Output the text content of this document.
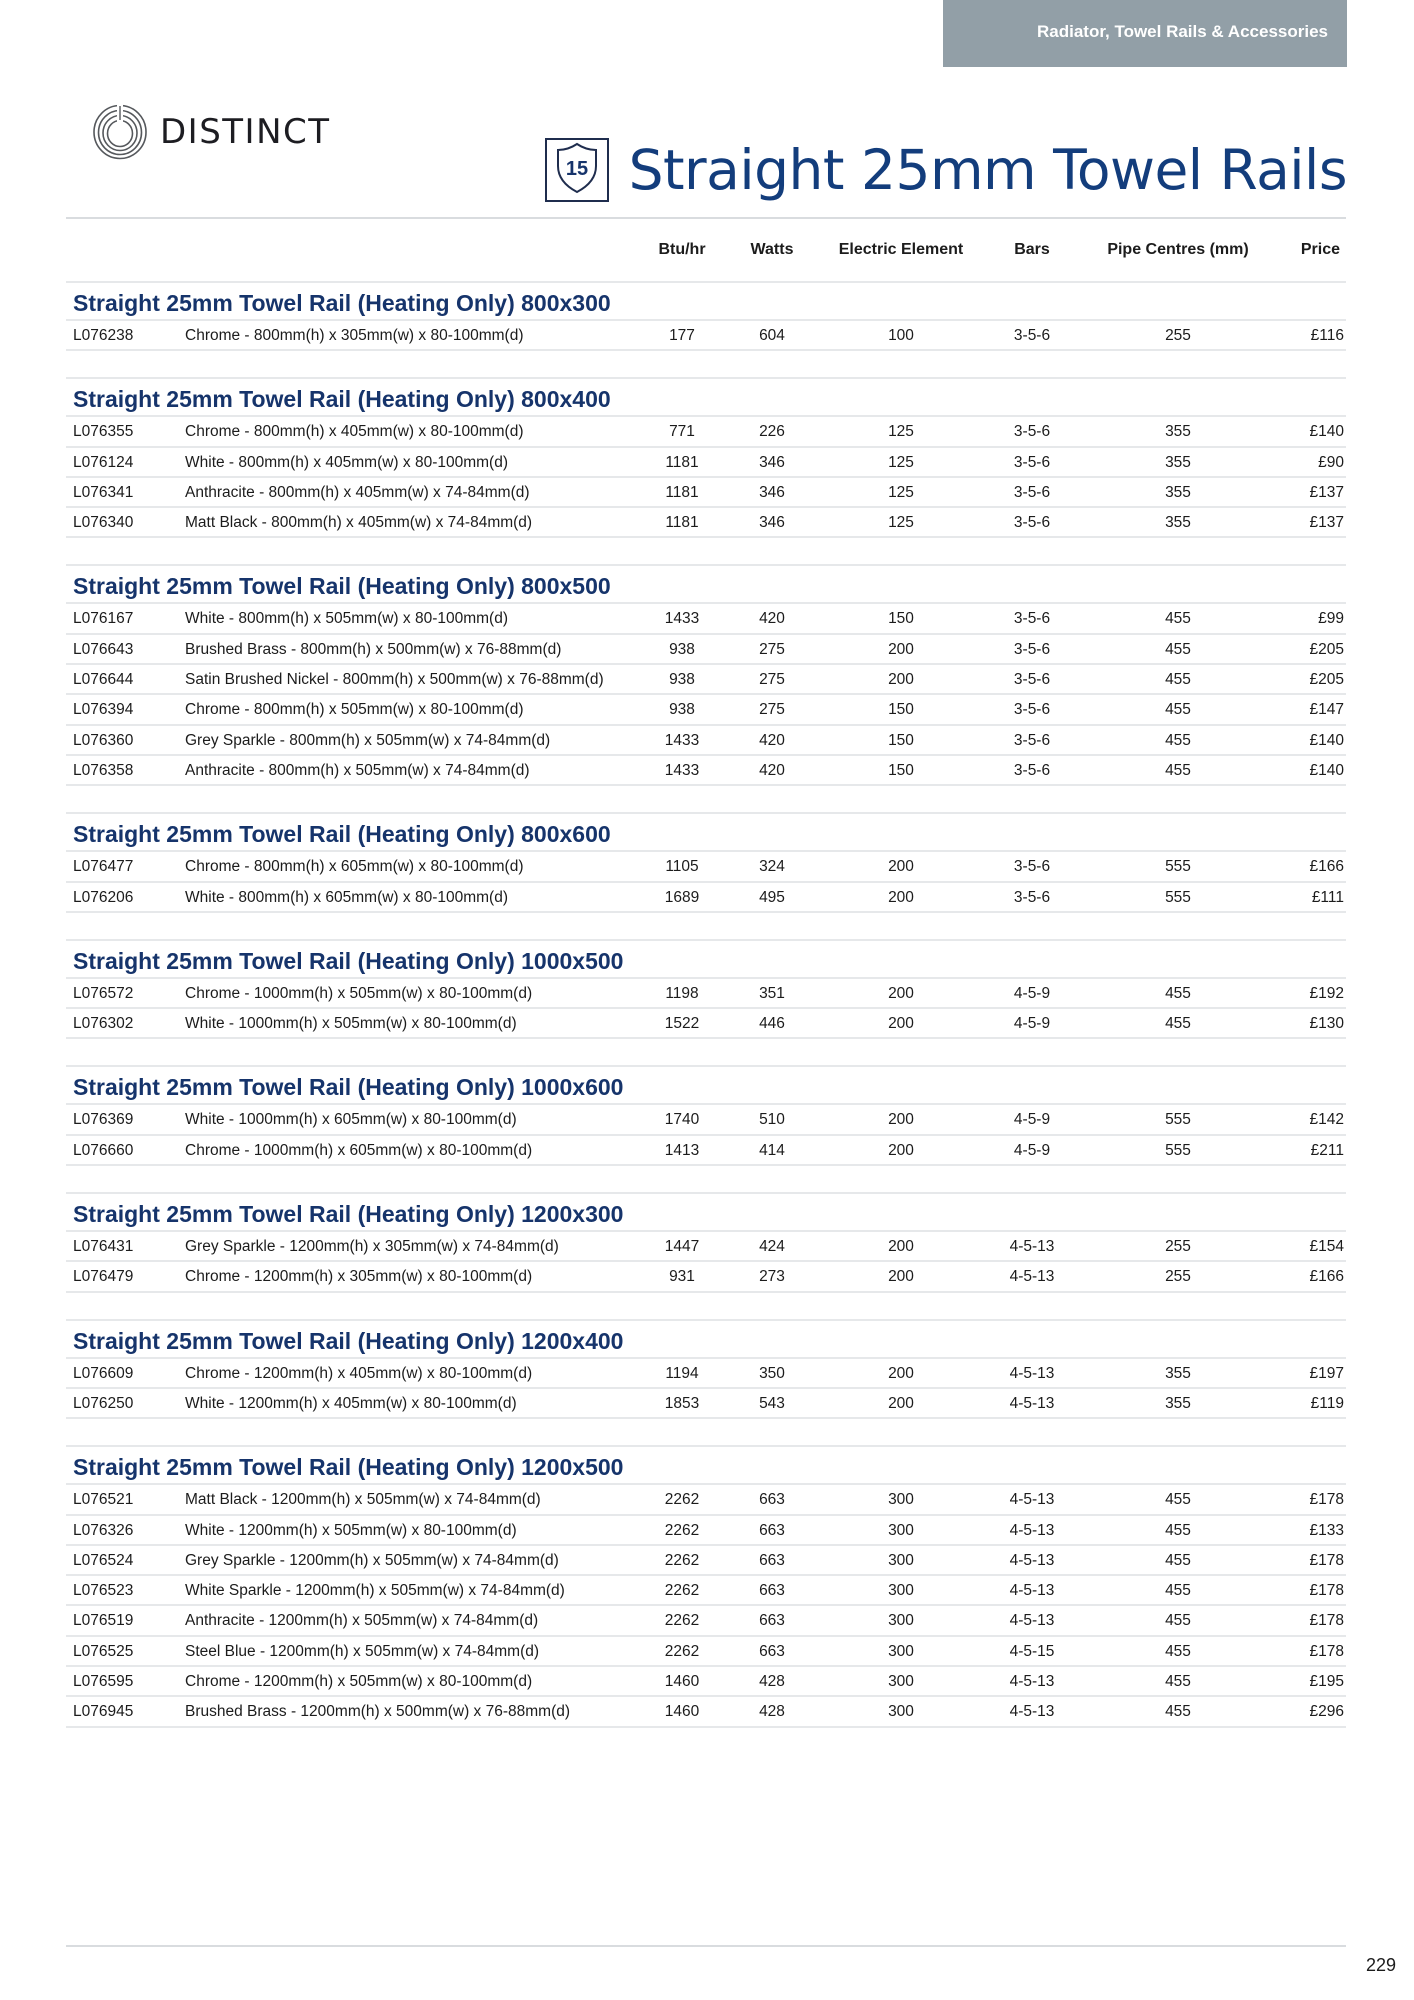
Radiator, Towel Rails & Accessories
DISTINCT
15 Straight 25mm Towel Rails
Btu/hr	Watts	Electric Element	Bars	Pipe Centres (mm)	Price
Straight 25mm Towel Rail (Heating Only) 800x300
L076238	Chrome - 800mm(h) x 305mm(w) x 80-100mm(d)	177	604	100	3-5-6	255	£116
Straight 25mm Towel Rail (Heating Only) 800x400
L076355	Chrome - 800mm(h) x 405mm(w) x 80-100mm(d)	771	226	125	3-5-6	355	£140
L076124	White - 800mm(h) x 405mm(w) x 80-100mm(d)	1181	346	125	3-5-6	355	£90
L076341	Anthracite - 800mm(h) x 405mm(w) x 74-84mm(d)	1181	346	125	3-5-6	355	£137
L076340	Matt Black - 800mm(h) x 405mm(w) x 74-84mm(d)	1181	346	125	3-5-6	355	£137
Straight 25mm Towel Rail (Heating Only) 800x500
L076167	White - 800mm(h) x 505mm(w) x 80-100mm(d)	1433	420	150	3-5-6	455	£99
L076643	Brushed Brass - 800mm(h) x 500mm(w) x 76-88mm(d)	938	275	200	3-5-6	455	£205
L076644	Satin Brushed Nickel - 800mm(h) x 500mm(w) x 76-88mm(d)	938	275	200	3-5-6	455	£205
L076394	Chrome - 800mm(h) x 505mm(w) x 80-100mm(d)	938	275	150	3-5-6	455	£147
L076360	Grey Sparkle - 800mm(h) x 505mm(w) x 74-84mm(d)	1433	420	150	3-5-6	455	£140
L076358	Anthracite - 800mm(h) x 505mm(w) x 74-84mm(d)	1433	420	150	3-5-6	455	£140
Straight 25mm Towel Rail (Heating Only) 800x600
L076477	Chrome - 800mm(h) x 605mm(w) x 80-100mm(d)	1105	324	200	3-5-6	555	£166
L076206	White - 800mm(h) x 605mm(w) x 80-100mm(d)	1689	495	200	3-5-6	555	£111
Straight 25mm Towel Rail (Heating Only) 1000x500
L076572	Chrome - 1000mm(h) x 505mm(w) x 80-100mm(d)	1198	351	200	4-5-9	455	£192
L076302	White - 1000mm(h) x 505mm(w) x 80-100mm(d)	1522	446	200	4-5-9	455	£130
Straight 25mm Towel Rail (Heating Only) 1000x600
L076369	White - 1000mm(h) x 605mm(w) x 80-100mm(d)	1740	510	200	4-5-9	555	£142
L076660	Chrome - 1000mm(h) x 605mm(w) x 80-100mm(d)	1413	414	200	4-5-9	555	£211
Straight 25mm Towel Rail (Heating Only) 1200x300
L076431	Grey Sparkle - 1200mm(h) x 305mm(w) x 74-84mm(d)	1447	424	200	4-5-13	255	£154
L076479	Chrome - 1200mm(h) x 305mm(w) x 80-100mm(d)	931	273	200	4-5-13	255	£166
Straight 25mm Towel Rail (Heating Only) 1200x400
L076609	Chrome - 1200mm(h) x 405mm(w) x 80-100mm(d)	1194	350	200	4-5-13	355	£197
L076250	White - 1200mm(h) x 405mm(w) x 80-100mm(d)	1853	543	200	4-5-13	355	£119
Straight 25mm Towel Rail (Heating Only) 1200x500
L076521	Matt Black - 1200mm(h) x 505mm(w) x 74-84mm(d)	2262	663	300	4-5-13	455	£178
L076326	White - 1200mm(h) x 505mm(w) x 80-100mm(d)	2262	663	300	4-5-13	455	£133
L076524	Grey Sparkle - 1200mm(h) x 505mm(w) x 74-84mm(d)	2262	663	300	4-5-13	455	£178
L076523	White Sparkle - 1200mm(h) x 505mm(w) x 74-84mm(d)	2262	663	300	4-5-13	455	£178
L076519	Anthracite - 1200mm(h) x 505mm(w) x 74-84mm(d)	2262	663	300	4-5-13	455	£178
L076525	Steel Blue - 1200mm(h) x 505mm(w) x 74-84mm(d)	2262	663	300	4-5-15	455	£178
L076595	Chrome - 1200mm(h) x 505mm(w) x 80-100mm(d)	1460	428	300	4-5-13	455	£195
L076945	Brushed Brass - 1200mm(h) x 500mm(w) x 76-88mm(d)	1460	428	300	4-5-13	455	£296
229
